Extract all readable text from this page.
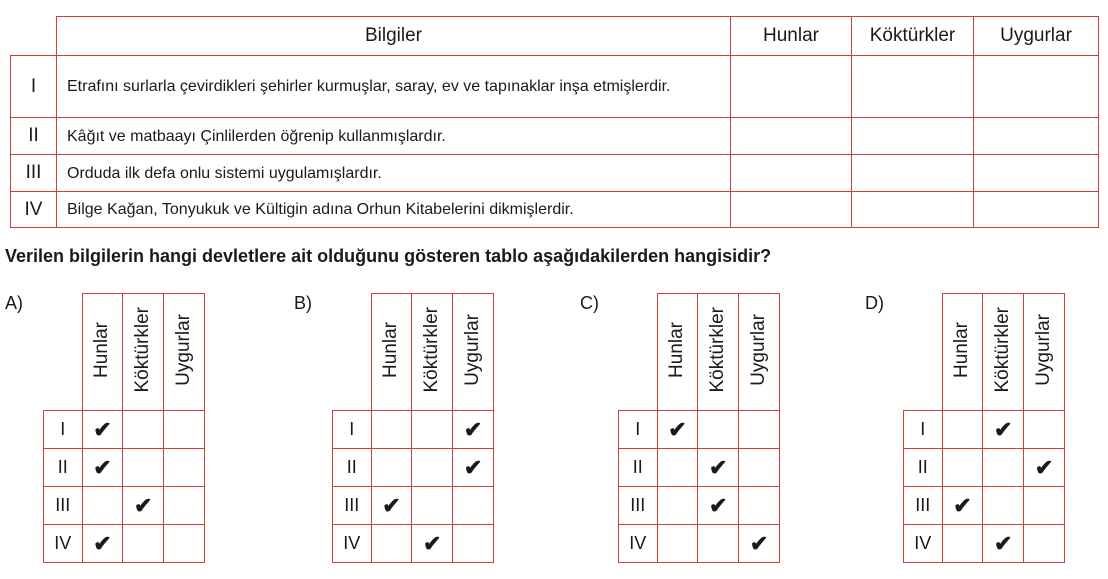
	Bilgiler	Hunlar	Köktürkler	Uygurlar
I	Etrafını surlarla çevirdikleri şehirler kurmuşlar, saray, ev ve tapınaklar inşa etmişlerdir.			
II	Kâğıt ve matbaayı Çinlilerden öğrenip kullanmışlardır.			
III	Orduda ilk defa onlu sistemi uygulamışlardır.			
IV	Bilge Kağan, Tonyukuk ve Kültigin adına Orhun Kitabelerini dikmişlerdir.			
Verilen bilgilerin hangi devletlere ait olduğunu gösteren tablo aşağıdakilerden hangisidir?
A)
	Hunlar	Köktürkler	Uygurlar
I	✔		
II	✔		
III		✔	
IV	✔		
B)
	Hunlar	Köktürkler	Uygurlar
I			✔
II			✔
III	✔		
IV		✔	
C)
	Hunlar	Köktürkler	Uygurlar
I	✔		
II		✔	
III		✔	
IV			✔
D)
	Hunlar	Köktürkler	Uygurlar
I		✔	
II			✔
III	✔		
IV		✔	
